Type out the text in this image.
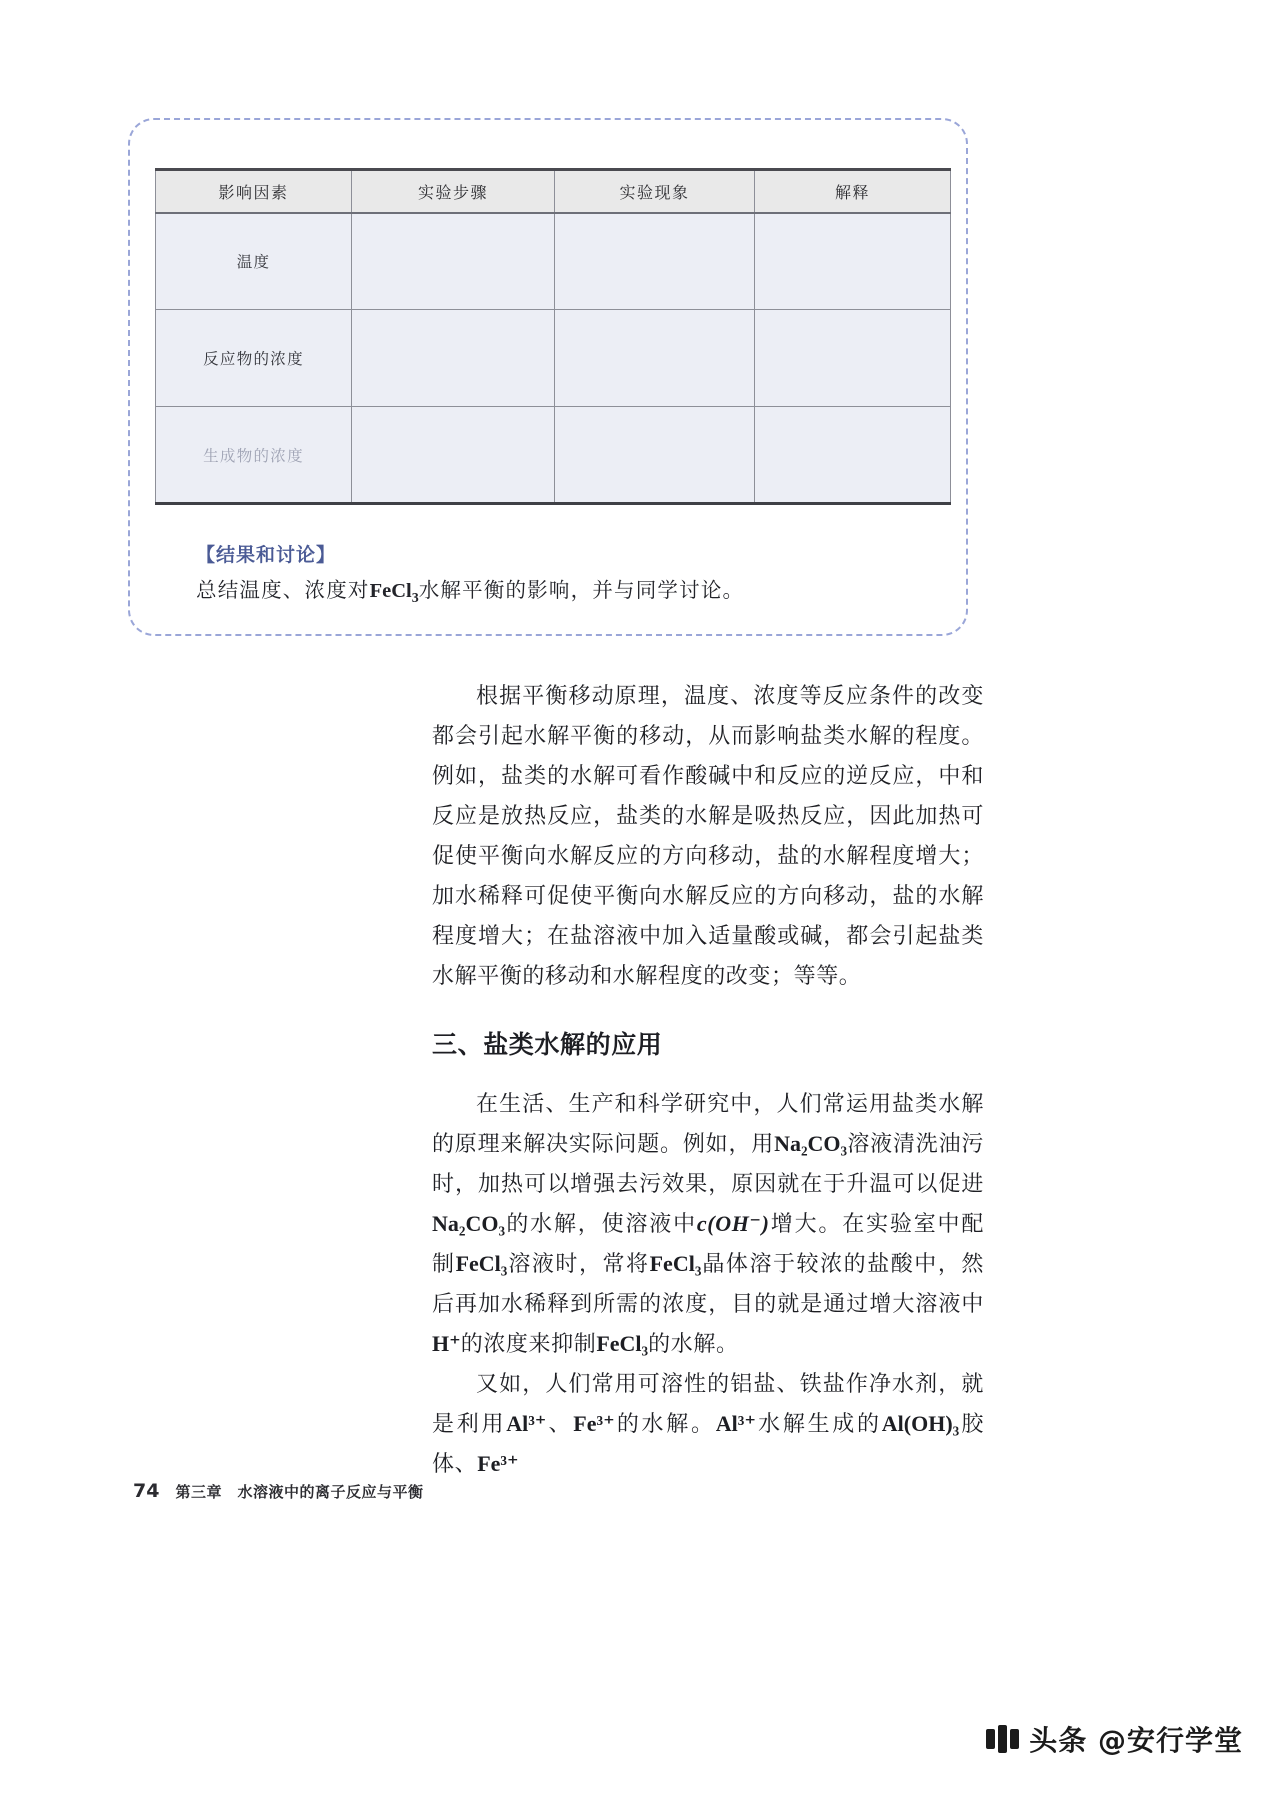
影响因素	实验步骤	实验现象	解释
温度			
反应物的浓度			
生成物的浓度			
【结果和讨论】
总结温度、浓度对FeCl$_3$水解平衡的影响，并与同学讨论。

根据平衡移动原理，温度、浓度等反应条件的改变都会引起水解平衡的移动，从而影响盐类水解的程度。例如，盐类的水解可看作酸碱中和反应的逆反应，中和反应是放热反应，盐类的水解是吸热反应，因此加热可促使平衡向水解反应的方向移动，盐的水解程度增大；加水稀释可促使平衡向水解反应的方向移动，盐的水解程度增大；在盐溶液中加入适量酸或碱，都会引起盐类水解平衡的移动和水解程度的改变；等等。

三、盐类水解的应用

在生活、生产和科学研究中，人们常运用盐类水解的原理来解决实际问题。例如，用Na₂CO₃溶液清洗油污时，加热可以增强去污效果，原因就在于升温可以促进Na₂CO₃的水解，使溶液中c(OH⁻)增大。在实验室中配制FeCl₃溶液时，常将FeCl₃晶体溶于较浓的盐酸中，然后再加水稀释到所需的浓度，目的就是通过增大溶液中H⁺的浓度来抑制FeCl₃的水解。

又如，人们常用可溶性的铝盐、铁盐作净水剂，就是利用Al³⁺、Fe³⁺的水解。Al³⁺水解生成的Al(OH)₃胶体、Fe³⁺

74 第三章　水溶液中的离子反应与平衡
头条 @安行学堂
